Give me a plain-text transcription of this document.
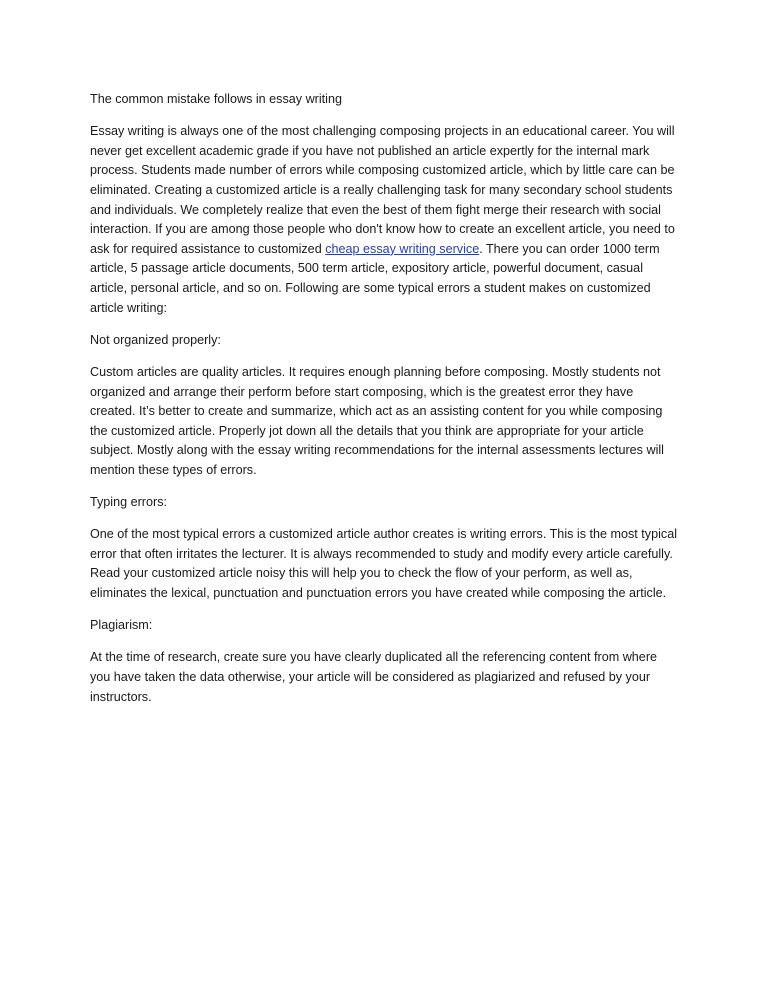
The common mistake follows in essay writing

Essay writing is always one of the most challenging composing projects in an educational career. You will never get excellent academic grade if you have not published an article expertly for the internal mark process. Students made number of errors while composing customized article, which by little care can be eliminated. Creating a customized article is a really challenging task for many secondary school students and individuals. We completely realize that even the best of them fight merge their research with social interaction. If you are among those people who don't know how to create an excellent article, you need to ask for required assistance to customized cheap essay writing service. There you can order 1000 term article, 5 passage article documents, 500 term article, expository article, powerful document, casual article, personal article, and so on. Following are some typical errors a student makes on customized article writing:

Not organized properly:

Custom articles are quality articles. It requires enough planning before composing. Mostly students not organized and arrange their perform before start composing, which is the greatest error they have created. It’s better to create and summarize, which act as an assisting content for you while composing the customized article. Properly jot down all the details that you think are appropriate for your article subject. Mostly along with the essay writing recommendations for the internal assessments lectures will mention these types of errors.

Typing errors:

One of the most typical errors a customized article author creates is writing errors. This is the most typical error that often irritates the lecturer. It is always recommended to study and modify every article carefully. Read your customized article noisy this will help you to check the flow of your perform, as well as, eliminates the lexical, punctuation and punctuation errors you have created while composing the article.

Plagiarism:

At the time of research, create sure you have clearly duplicated all the referencing content from where you have taken the data otherwise, your article will be considered as plagiarized and refused by your instructors.
